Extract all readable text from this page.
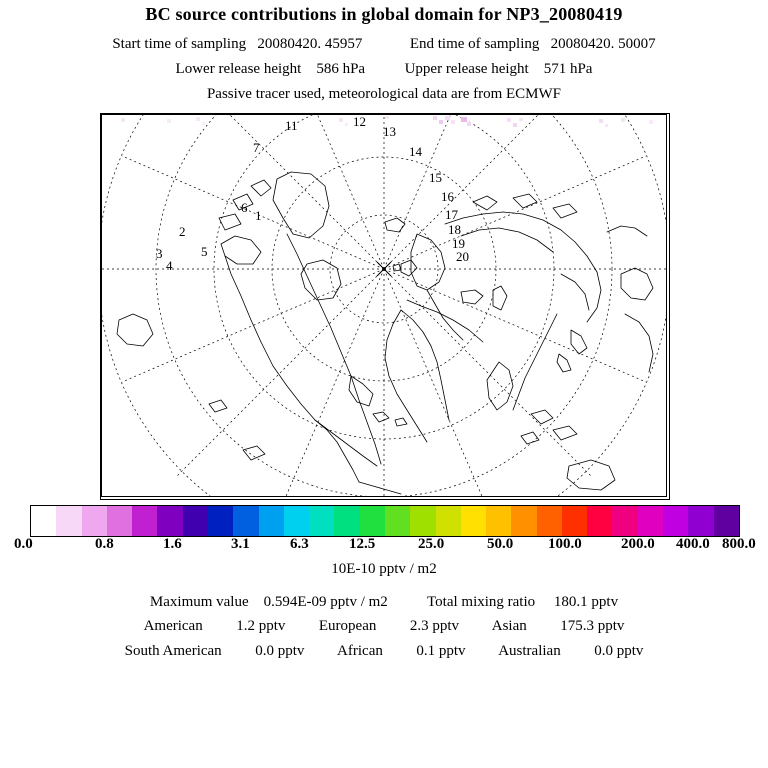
BC source contributions in global domain for NP3_20080419
Start time of sampling 20080420. 45957	End time of sampling 20080420. 50007
Lower release height 586 hPa	Upper release height 571 hPa
Passive tracer used, meteorological data are from ECMWF
7
11	12
13
14
15
16
17
18
19
20
6
1
2
5
3
4
0.0	0.8	1.6	3.1	6.3	12.5	25.0	50.0 100.0	200.0 400.0 800.0
10E-10 pptv / m2
Maximum value 0.594E-09 pptv / m2	Total mixing ratio 180.1 pptv
American 1.2 pptv European 2.3 pptv Asian 175.3 pptv
South American 0.0 pptv African 0.1 pptv Australian 0.0 pptv
